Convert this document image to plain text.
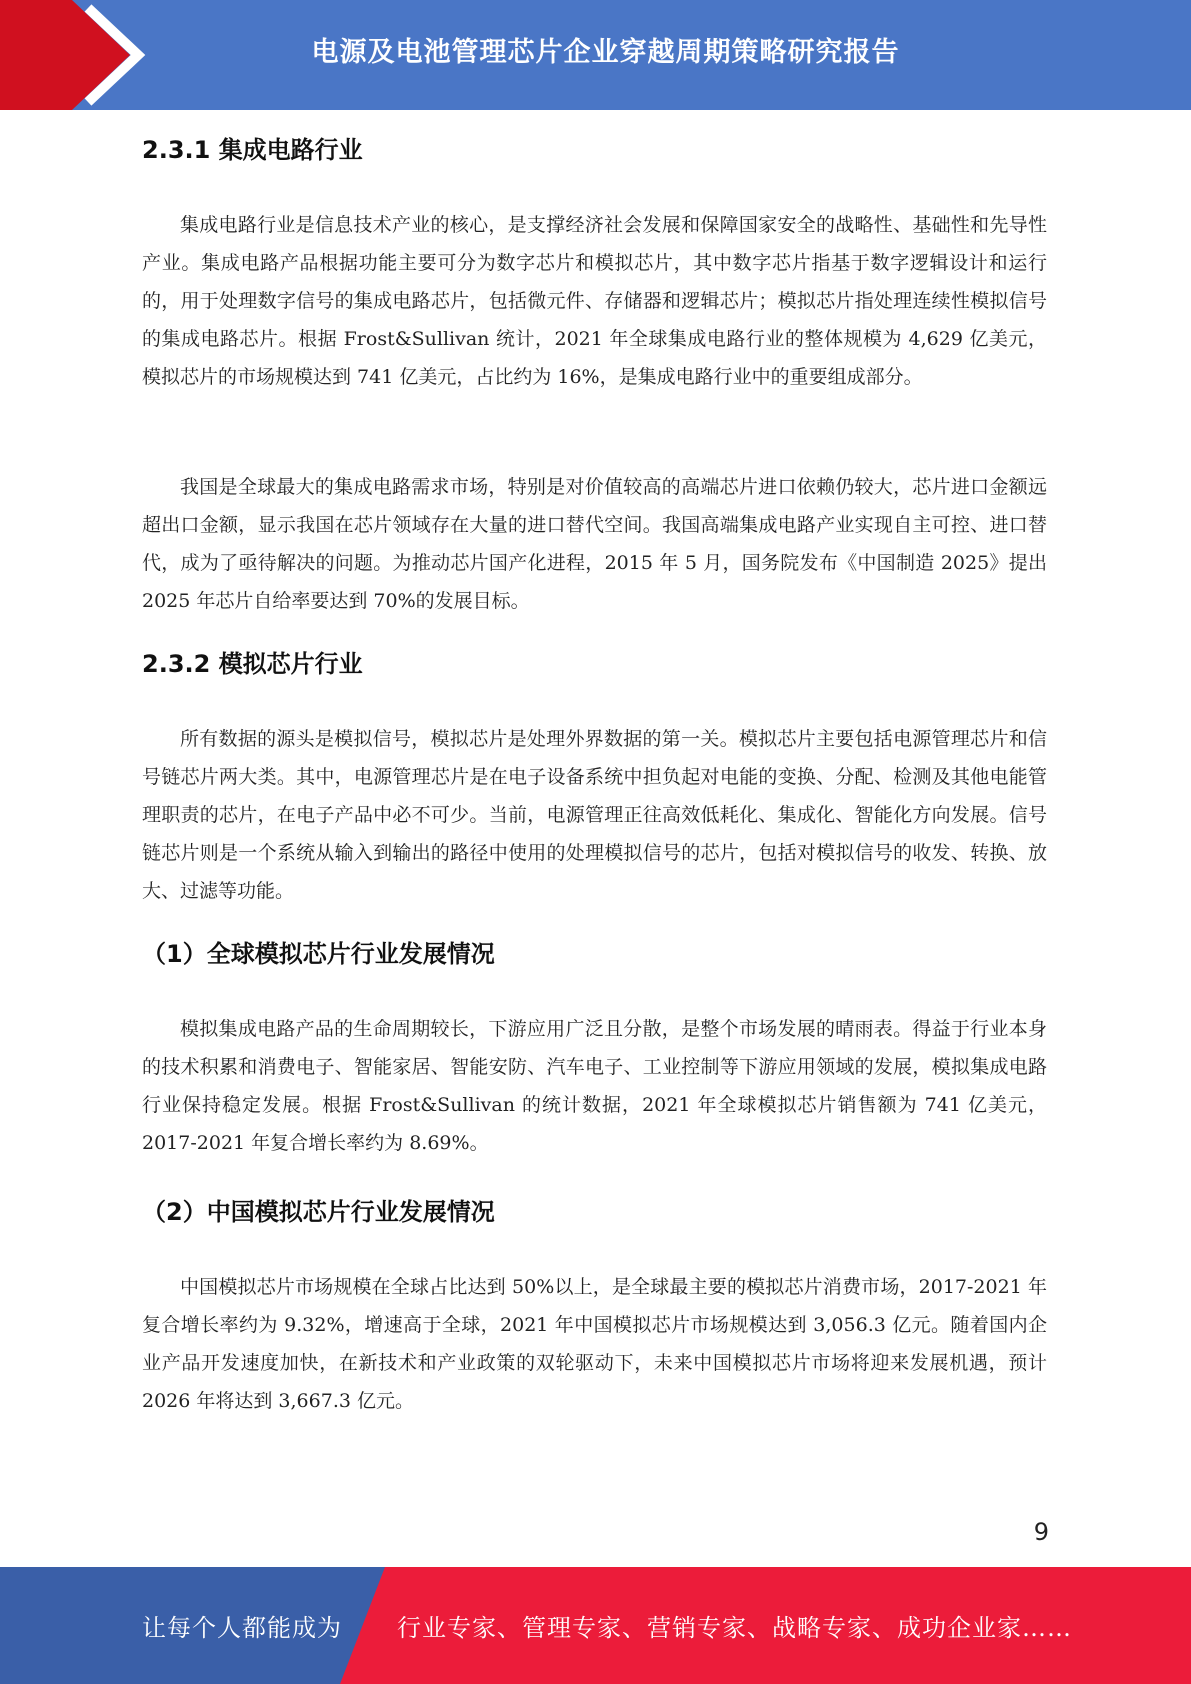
电源及电池管理芯片企业穿越周期策略研究报告
2.3.1 集成电路行业

集成电路行业是信息技术产业的核心，是支撑经济社会发展和保障国家安全的战略性、基础性和先导性产业。集成电路产品根据功能主要可分为数字芯片和模拟芯片，其中数字芯片指基于数字逻辑设计和运行的，用于处理数字信号的集成电路芯片，包括微元件、存储器和逻辑芯片；模拟芯片指处理连续性模拟信号的集成电路芯片。根据 Frost&Sullivan 统计，2021 年全球集成电路行业的整体规模为 4,629 亿美元，模拟芯片的市场规模达到 741 亿美元，占比约为 16%，是集成电路行业中的重要组成部分。

我国是全球最大的集成电路需求市场，特别是对价值较高的高端芯片进口依赖仍较大，芯片进口金额远超出口金额，显示我国在芯片领域存在大量的进口替代空间。我国高端集成电路产业实现自主可控、进口替代，成为了亟待解决的问题。为推动芯片国产化进程，2015 年 5 月，国务院发布《中国制造 2025》提出 2025 年芯片自给率要达到 70%的发展目标。

2.3.2 模拟芯片行业

所有数据的源头是模拟信号，模拟芯片是处理外界数据的第一关。模拟芯片主要包括电源管理芯片和信号链芯片两大类。其中，电源管理芯片是在电子设备系统中担负起对电能的变换、分配、检测及其他电能管理职责的芯片，在电子产品中必不可少。当前，电源管理正往高效低耗化、集成化、智能化方向发展。信号链芯片则是一个系统从输入到输出的路径中使用的处理模拟信号的芯片，包括对模拟信号的收发、转换、放大、过滤等功能。

（1）全球模拟芯片行业发展情况

模拟集成电路产品的生命周期较长，下游应用广泛且分散，是整个市场发展的晴雨表。得益于行业本身的技术积累和消费电子、智能家居、智能安防、汽车电子、工业控制等下游应用领域的发展，模拟集成电路行业保持稳定发展。根据 Frost&Sullivan 的统计数据，2021 年全球模拟芯片销售额为 741 亿美元，2017-2021 年复合增长率约为 8.69%。

（2）中国模拟芯片行业发展情况

中国模拟芯片市场规模在全球占比达到 50%以上，是全球最主要的模拟芯片消费市场，2017-2021 年复合增长率约为 9.32%，增速高于全球，2021 年中国模拟芯片市场规模达到 3,056.3 亿元。随着国内企业产品开发速度加快，在新技术和产业政策的双轮驱动下，未来中国模拟芯片市场将迎来发展机遇，预计 2026 年将达到 3,667.3 亿元。

9
让每个人都能成为 行业专家、管理专家、营销专家、战略专家、成功企业家……
